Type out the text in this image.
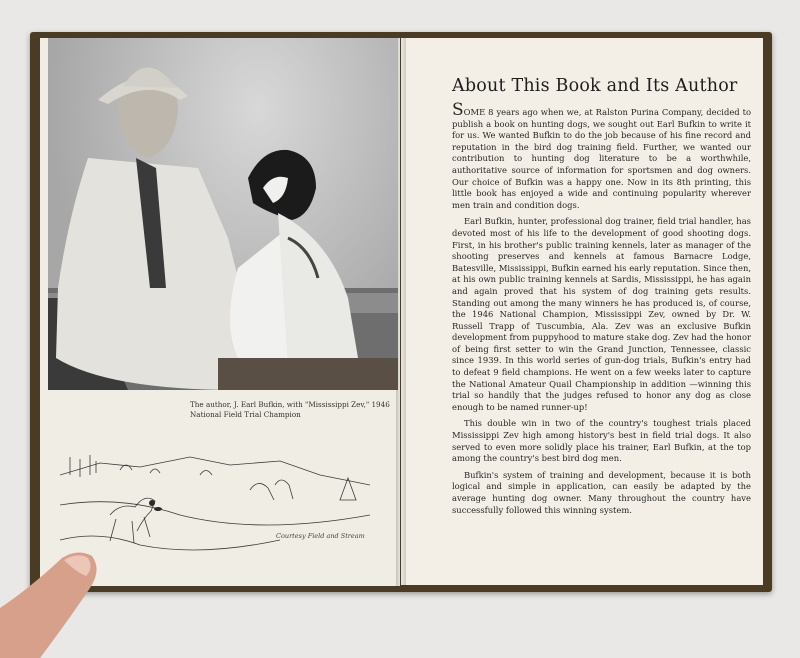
The author, J. Earl Bufkin, with "Mississippi Zev," 1946 National Field Trial Champion
Courtesy Field and Stream
About This Book and Its Author

SOME 8 years ago when we, at Ralston Purina Company, decided to publish a book on hunting dogs, we sought out Earl Bufkin to write it for us. We wanted Bufkin to do the job because of his fine record and reputation in the bird dog training field. Further, we wanted our contribution to hunting dog literature to be a worthwhile, authoritative source of information for sportsmen and dog owners. Our choice of Bufkin was a happy one. Now in its 8th printing, this little book has enjoyed a wide and continuing popularity wherever men train and condition dogs.

Earl Bufkin, hunter, professional dog trainer, field trial handler, has devoted most of his life to the development of good shooting dogs. First, in his brother's public training kennels, later as manager of the shooting preserves and kennels at famous Barnacre Lodge, Batesville, Mississippi, Bufkin earned his early reputation. Since then, at his own public training kennels at Sardis, Mississippi, he has again and again proved that his system of dog training gets results. Standing out among the many winners he has produced is, of course, the 1946 National Champion, Mississippi Zev, owned by Dr. W. Russell Trapp of Tuscumbia, Ala. Zev was an exclusive Bufkin development from puppyhood to mature stake dog. Zev had the honor of being first setter to win the Grand Junction, Tennessee, classic since 1939. In this world series of gun-dog trials, Bufkin's entry had to defeat 9 field champions. He went on a few weeks later to capture the National Amateur Quail Championship in addition —winning this trial so handily that the judges refused to honor any dog as close enough to be named runner-up!

This double win in two of the country's toughest trials placed Mississippi Zev high among history's best in field trial dogs. It also served to even more solidly place his trainer, Earl Bufkin, at the top among the country's best bird dog men.

Bufkin's system of training and development, because it is both logical and simple in application, can easily be adapted by the average hunting dog owner. Many throughout the country have successfully followed this winning system.
